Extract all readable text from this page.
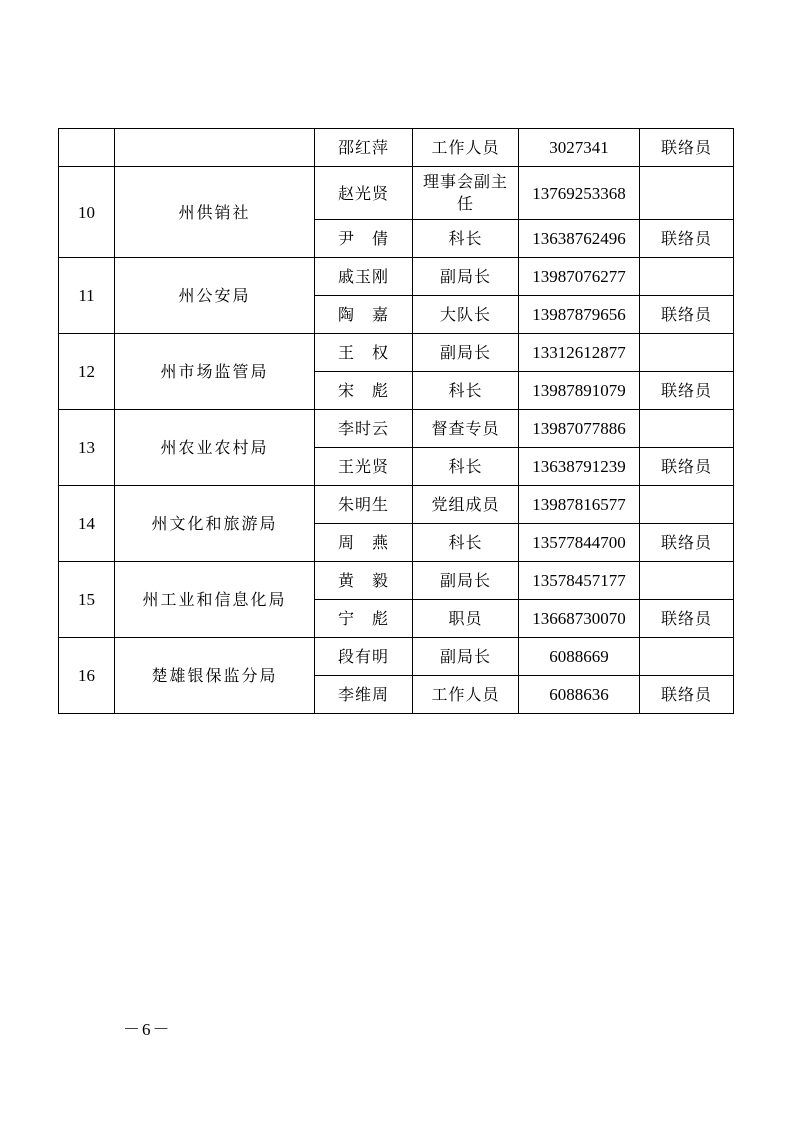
		邵红萍	工作人员	3027341	联络员
10	州供销社	赵光贤	理事会副主任	13769253368	
		尹　倩	科长	13638762496	联络员
11	州公安局	戚玉刚	副局长	13987076277	
		陶　嘉	大队长	13987879656	联络员
12	州市场监管局	王　权	副局长	13312612877	
		宋　彪	科长	13987891079	联络员
13	州农业农村局	李时云	督查专员	13987077886	
		王光贤	科长	13638791239	联络员
14	州文化和旅游局	朱明生	党组成员	13987816577	
		周　燕	科长	13577844700	联络员
15	州工业和信息化局	黄　毅	副局长	13578457177	
		宁　彪	职员	13668730070	联络员
16	楚雄银保监分局	段有明	副局长	6088669	
		李维周	工作人员	6088636	联络员
－6－
